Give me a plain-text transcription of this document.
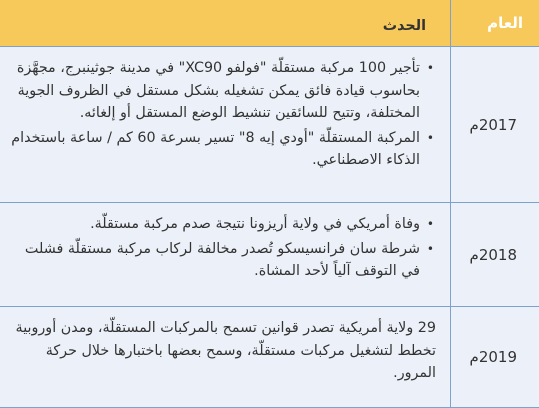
العام
الحدث
2017م
•
تأجير 100 مركبة مستقلّة "فولفو XC90" في مدينة جوثينبرج، مجهَّزة بحاسوب قيادة فائق يمكن تشغيله بشكل مستقل في الظروف الجوية المختلفة، وتتيح للسائقين تنشيط الوضع المستقل أو إلغائه.
•
المركبة المستقلّة "أودي إيه 8" تسير بسرعة 60 كم / ساعة باستخدام الذكاء الاصطناعي.
2018م
•
وفاة أمريكي في ولاية أريزونا نتيجة صدم مركبة مستقلّة.
•
شرطة سان فرانسيسكو تُصدر مخالفة لركاب مركبة مستقلّة فشلت في التوقف آلياً لأحد المشاة.
2019م

29 ولاية أمريكية تصدر قوانين تسمح بالمركبات المستقلّة، ومدن أوروبية تخطط لتشغيل مركبات مستقلّة، وسمح بعضها باختبارها خلال حركة المرور.
